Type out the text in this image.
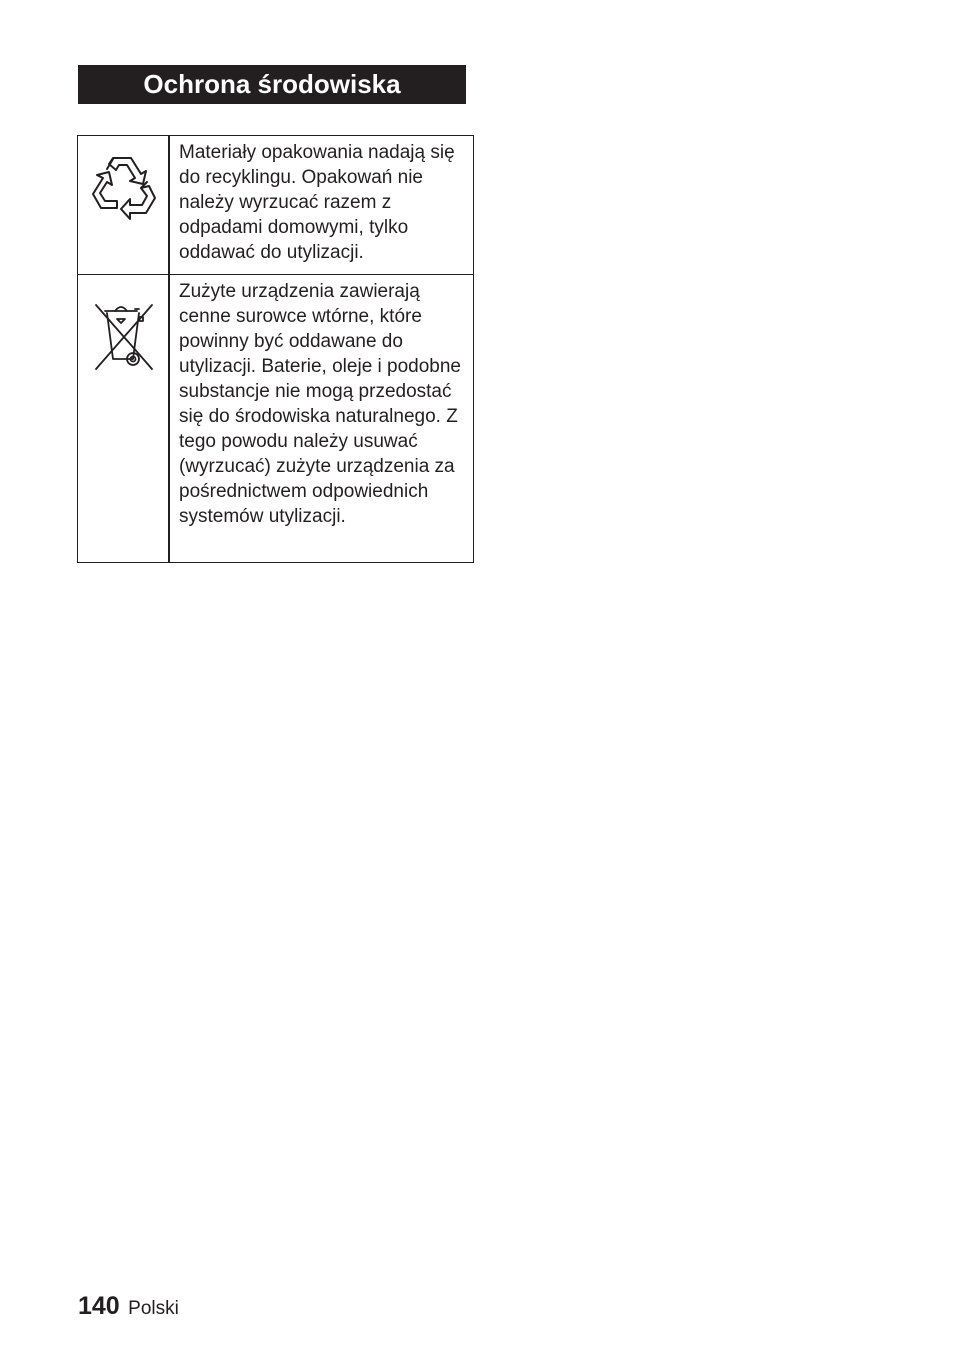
Ochrona środowiska
	Materiały opakowania nadają się do recyklingu. Opakowań nie należy wyrzucać razem z odpadami domowymi, tylko oddawać do utylizacji.

	Zużyte urządzenia zawierają cenne surowce wtórne, które powinny być oddawane do utylizacji. Baterie, oleje i podobne substancje nie mogą przedostać się do środowiska naturalnego. Z tego powodu należy usuwać (wyrzucać) zużyte urządzenia za pośrednictwem odpowiednich systemów utylizacji.
140 Polski
